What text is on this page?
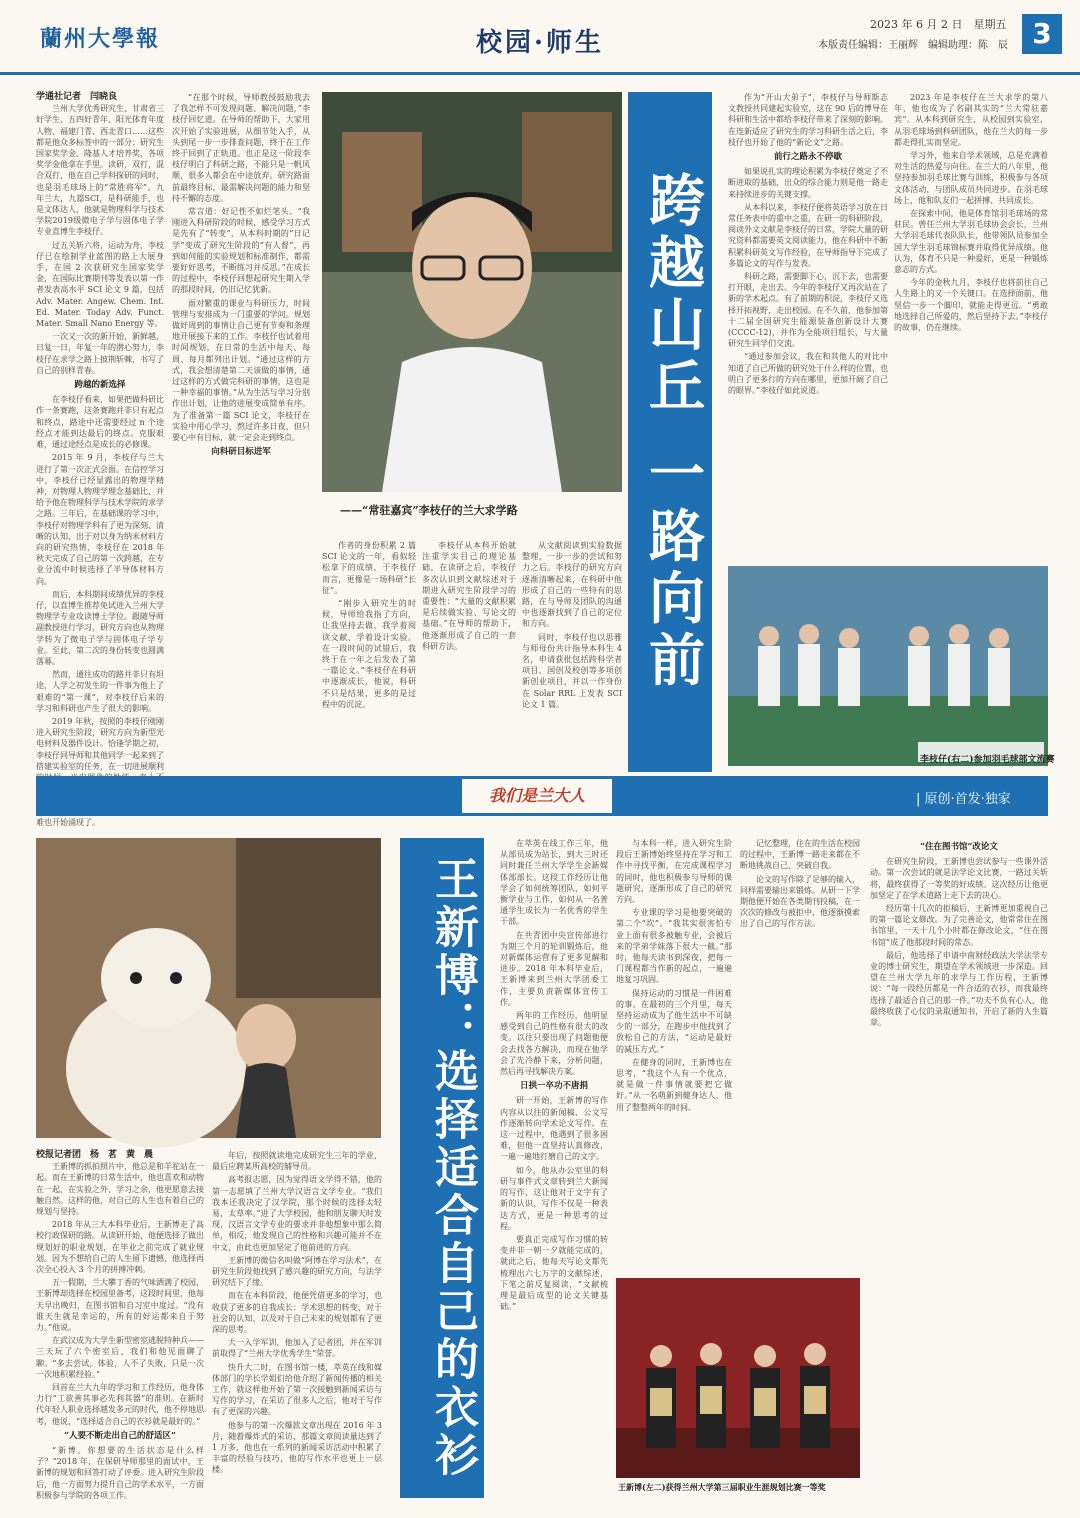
蘭州大學報	校园·师生
2023 年 6 月 2 日　星期五
本版责任编辑：王丽辉　编辑助理：陈　辰 3
学通社记者　闫晓良

兰州大学优秀研究生、甘肃省三好学生、五四好青年、阳光体育年度人物、福建门青、西北青口……这些都是他众多标签中的一部分：研究生国家奖学金、隆基人才培养奖，各项奖学金他拿在手里。读研，双打，混合双打，他在自己学科探研的同时，也是羽毛球场上的“常胜将军”。九年兰大，九篇SCI，是科研能手，也是文体达人，他就是物理科学与技术学院2019级微电子学与固体电子学专业直博生李枝仔。

过五关斩六将，运动为舟，李枝仔已在绘制学业蓝图的路上大展身手，在国 2 次获研究生国家奖学金，在国际比赛期刊等发表以第一作者发表高水平 SCI 论文 9 篇，包括 Adv. Mater. Angew. Chem. Int. Ed. Mater. Today Adv. Funct. Mater. Small Nano Energy 等。

一次又一次的新开始，新鲜越，日复一日，年复一年的潜心努力，李枝仔在求学之路上披荆斩棘，书写了自己的别样青春。

跨越的新选择

在李枝仔看来，如果把做科研比作一条赛跑，这条赛跑并非只有起点和终点，路途中还需要经过 n 个途经点才能到达最后的终点。克服艰难，通过途经点是成长的必修课。

2015 年 9 月，李枝仔与兰大进行了第一次正式会面。在信控学习中，李枝仔已经显露出的物理学精神，对物理人物理学理念基础比、并给予他在物理科学与技术学院的求学之路。三年后，在基础课的学习中，李枝仔对物理学科有了更为深刻、清晰的认知，出于对以身为纳米材料方向的研究热情，李枝仔在 2018 年秋天完成了自己的第一次跨越，在专业分流中时候选择了半导体材料方向。

而后，本科期间成绩优异的李枝仔，以直博生推荐免试进入兰州大学物理学专业攻读博士学位。跟随导师副教授进行学习，研究方向也从物理学转为了微电子学与固体电子学专业。至此，第二次的身份转变也圆满落幕。

然而，通往成功的路并非只有坦途，人学之初发生的一件事为他上了艰难的“第一课”，对李枝仔后来的学习和科研也产生了很大的影响。

2019 年秋，按照的李枝仔刚刚进入研究生阶段，研究方向为新型光电材料及器件设计。恰逢学期之初，李枝仔同导师和其他同学一起来到了搭建实验室的任务，在一切进展顺利 难也开始涌现了。

“在那个时候，导师教授鼓励我去了我怎样不可发现问题、解决问题，”李枝仔回忆道。在导师的帮助下，大家用次开始了实验进展，从细节处入手，从头到尾一步一步排查问题，终于在工作终于回到了正轨道。也正是这一阶段李枝仔明白了科研之路，不能只是一帆风顺，很多人都会在中途放弃。研究路面前最终目标，最需解决问题的能力和坚持不懈的态度。

常言道：好记性不如烂笔头。“我刚进入科研阶段的时候，感受学习方式是先有了“转变”，从本科时期的“日记学”变成了研究生阶段的“有人督”，再到如何能的实验规划和标准制作，都需要好好思考，不断练习并反思。”在成长的过程中，李枝仔回想起研究生期入学的那段时间，仍旧记忆犹新。

面对繁重的课业与科研压力，时间管理与安排成为一门重要的学问。规划做好周到的事情让自己更有节奏和条理地开展接下来的工作。李枝仔也试着用时间规划，在日常的生活中每天、每周、每月都列出计划。“通过这样的方式，我会想清楚第二天该做的事情，通过这样的方式做完科研的事情，这也是一种幸福的事情。”从为生活与学习分别作出计划，让他的进展变成简单有序。为了准备第一篇 SCI 论文，李枝仔在实验中用心学习，熬过许多日夜，但只要心中有目标，就一定会走到终点。

向科研目标进军
——“常驻嘉宾”李枝仔的兰大求学路	跨越山丘 一路向前

作者的身份积累 2 篇 SCI 论文的一年，看似轻松拿下的成绩，于李枝仔而言，更像是一场科研“长征”。

“刚步入研究生的时候，导师给我指了方向，让我坚持去做，我学着阅读文献、学着设计实验。在一段时间的试错后，我终于在一年之后发表了第一篇论文。”李枝仔在科研中逐渐成长，他说，科研不只是结果，更多的是过程中的沉淀。

李枝仔从本科开始就注重学实目己的理论基础，在读研之后，李枝仔多次认识到文献综述对于期进入研究生阶段学习的重要性：“大量的文献积累是后续做实验、写论文的基础。”在导师的帮助下，他逐渐形成了自己的一套科研方法。

从文献阅读到实验数据整理，一步一步的尝试和努力之后。李枝仔的研究方向逐渐清晰起来，在科研中他形成了自己的一些特有的思路，在与导师及团队的沟通中也逐渐找到了自己的定位和方向。

同时，李枝仔也以思雅与师母份共计指导本科生 4 名，申请获批包括跨科学者项目、国创及校创等多项创新创业项目，并以一作身份在 Solar RRL 上发表 SCI 论文 1 篇。

作为“开山大弟子”，李枝仔与导师斯志文教授共同建起实验室，这在 90 后的博导在科研和生活中都给李枝仔带来了深刻的影响。在连新适应了研究生的学习科研生活之后，李枝仔也开始了他的“新论文”之路。

前行之路永不停歇

如果说扎实的理论积累为李枝仔奠定了不断进取的基础，出众的综合能力则是他一路走来持续进步的关键支撑。

从本科以来，李枝仔便将英语学习放在日常任务表中的重中之重，在研一的科研阶段，阅读外文文献是李枝仔的日常，学院大量的研究资料都需要英文阅读能力，他在科研中不断积累科研英文写作经验，在导师指导下完成了多篇论文的写作与发表。

科研之路，需要脚下心，沉下去，也需要打开眼，走出去。今年的李枝仔又再次站在了新的学术起点。有了前期的积淀，李枝仔又选择开拓视野，走出校园。在不久前，他参加第十二届全国研究生能源装备创新设计大赛(CCCC-12)，并作为全能项目组长，与大量研究生同学们交流。

“通过参加会议，我在和其他人的对比中知道了自己所做的研究处于什么样的位置，也明白了更多行的方向在哪里，更加开阔了自己的眼界。”李枝仔如此说道。

2023 年是李枝仔在兰大求学的第八年，他也成为了名副其实的“兰大常驻嘉宾”。从本科到研究生，从校园到实验室，从羽毛球场到科研团队，他在兰大的每一步都走得扎实而坚定。

学习外，他来自学术领域，总是充满着对生活的热爱与向往。在兰大的八年里，他坚持参加羽毛球比赛与训练，积极参与各项文体活动，与团队成员共同进步。在羽毛球场上，他和队友们一起拼搏、共同成长。

在探索中间，他是体育馆羽毛球场的常驻民。曾任兰州大学羽毛球协会会长，兰州大学羽毛球代表队队长，他带领队员参加全国大学生羽毛球锦标赛并取得优异成绩。他认为，体育不只是一种爱好，更是一种锻炼意志的方式。

今年的金秋九月，李枝仔也将前往自己人生路上的又一个关键口。在选择面前，他坚信一步一个脚印，就能走得更远。“勇敢地选择自己所爱的，然后坚持下去。”李枝仔的故事，仍在继续。

李枝仔(右二)参加羽毛球部文流赛
我们是兰大人	| 原创·首发·独家
王新博：选择适合自己的衣衫
校报记者团　杨　茗　黄　晨

王新博的抓拍照片中，他总是和羊驼站在一起。而在王新博的日常生活中，他也喜欢和动物在一起，在实验之外、学习之余，他更愿意去接触自然。这样的他，对自己的人生也有着自己的规划与坚持。

2018 年从三大本科毕业后，王新博走了高校行政保研的路。从读研开始，他便选择了做出规划好的职业规划，在毕业之前完成了就业规划。因为不想给自己的人生留下遗憾，他选择再次全心投入 3 个月的拼搏冲刺。

五一假期，兰大攀丁香的气味洒满了校园，王新博却选择在校园里备考，这段时间里，他每天早出晚归，在图书馆和自习室中度过。“没有谁天生就是幸运的，所有的好运都来自于努力。”他说。

在武汉成为大学生新型密室逃脱特种兵——三天玩了六个密室后，我们和他见面聊了聊。“多去尝试，体验，人不了失败，只是一次一次地积累经验。”

回首在兰大九年的学习和工作经历，他身体力行“工欲善其事必先利其器”的准则。在新时代年轻人职业选择越发多元的时代，他不停地思考，他说，“选择适合自己的衣衫就是最好的。”

“人要不断走出自己的舒适区”

“新博，你想要的生活状态是什么样子？”2018 年，在保研导师那里的面试中，王新博的规划和回答打动了评委。进入研究生阶段后，他一方面努力提升自己的学术水平，一方面积极参与学院的各项工作。

年后，按照就读地完成研究生三年的学业，最后应聘某所高校的辅导员。

高考报志愿，因为觉得语文学得不错，他的第一志愿填了兰州大学汉语言文学专业。“我们我本还我决定了汉学院，那个时候的选择太轻易，太草率。”进了大学校园，他和朋友聊天时发现，汉语言文学专业的要求并非他想象中那么简单，相反，他发现自己的性格和兴趣可能并不在中文，由此也更加坚定了他前进的方向。

王新博的微信名叫做“阿博在学习法术”，在研究生阶段他找到了感兴趣的研究方向，与法学研究结下了缘。

而在在本科阶段，他便凭借更多的学习，也收获了更多的自我成长：学术思想的转变、对于社会的认知、以及对于自己未来的规划都有了更深的思考。

大一入学军训，他加入了记者团，并在军训前取得了“兰州大学优秀学生”荣誉。

快升大二时，在图书馆一楼，萃英在线和媒体部门的学长学姐们给他介绍了新闻传播的相关工作，就这样他开始了第一次接触到新闻采访与写作的学习，在采访了很多人之后，他对于写作有了更深的兴趣。

他参与的第一次爆款文章出现在 2016 年 3 月，随着爆炸式的采访，那篇文章阅读量达到了 1 万多，他也在一系列的新闻采访活动中积累了丰富的经验与技巧，他的写作水平也更上一层楼。

在萃英在线工作三年，他从部员成为站长，到大三时还同时兼任兰州大学学生会新媒体部部长。这段工作经历让他学会了如何统筹团队，如何平衡学业与工作，如何从一名普通学生成长为一名优秀的学生干部。

在共青团中央宣传部进行为期三个月的轮训锻炼后，他对新媒体运营有了更多见解和进步。2018 年本科毕业后，王新博来到兰州大学团委工作，主要负责新媒体宣传工作。

两年的工作经历，他明显感受到自己的性格有很大的改变。以往只要出现了问题他便会去找各方解决，而现在他学会了先冷静下来，分析问题，然后再寻找解决方案。

日拱一卒功不唐捐

研一开始，王新博的写作内容从以往的新闻稿、公文写作逐渐转向学术论文写作。在这一过程中，他遇到了很多困难，但他一直坚持认真修改，一遍一遍地打磨自己的文字。

如今，他从办公室里的科研与事件式文章转到兰大新闻的写作，这让他对于文字有了新的认识，写作不仅是一种表达方式，更是一种思考的过程。

要真正完成写作习惯的转变并非一朝一夕就能完成的，就此之后，他每天写论文都先梳理出六七万字的文献综述，下笔之前反复阅读，“文献梳理是最后成型的论文关键基础。”

与本科一样，进入研究生阶段后王新博始终坚持在学习和工作中寻找平衡，在完成课程学习的同时，他也积极参与导师的课题研究，逐渐形成了自己的研究方向。

专业课的学习是他要突破的第二个“坎”。“我其实很害怕专业上面有很多被触专业，会被后来的学弟学妹落下很大一截。”那时，他每天读书到深夜，把每一门课程都当作新的起点，一遍遍地复习巩固。

保持运动的习惯是一件困难的事。在最初的三个月里，每天坚持运动成为了他生活中不可缺少的一部分，在跑步中他找到了放松自己的方法，“运动是最好的减压方式。”

在健身的同时，王新博也在思考，“我这个人有一个优点，就是做一件事情就要把它做好。”从一名萌新到健身达人，他用了整整两年的时间。

记忆整理，住在的生活在校园的过程中，王新博一路走来都在不断地挑战自己、突破自我。

论文的写作除了足够的输入，同样需要输出来锻炼。从研一下学期他便开始在各类期刊投稿，在一次次的修改与被拒中，他逐渐摸索出了自己的写作方法。

“住在图书馆”改论文

在研究生阶段，王新博也尝试参与一些课外活动。第一次尝试的就是法学论文比赛，一路过关斩将，最终获得了一等奖的好成绩。这次经历让他更加坚定了在学术道路上走下去的决心。

经历第十几次的拒稿后，王新博更加重视自己的第一篇论文修改。为了完善论文，他常常住在图书馆里，一天十几个小时都在修改论文，“住在图书馆”成了他那段时间的常态。

最后，他选择了申请中南财经政法大学法学专业的博士研究生，期望在学术领域进一步深造。回望在兰州大学九年的求学与工作历程，王新博说：“每一段经历都是一件合适的衣衫，而我最终选择了最适合自己的那一件。”功夫不负有心人，他最终收获了心仪的录取通知书，开启了新的人生篇章。

王新博(左二)获得兰州大学第三届职业生涯规划比赛一等奖
